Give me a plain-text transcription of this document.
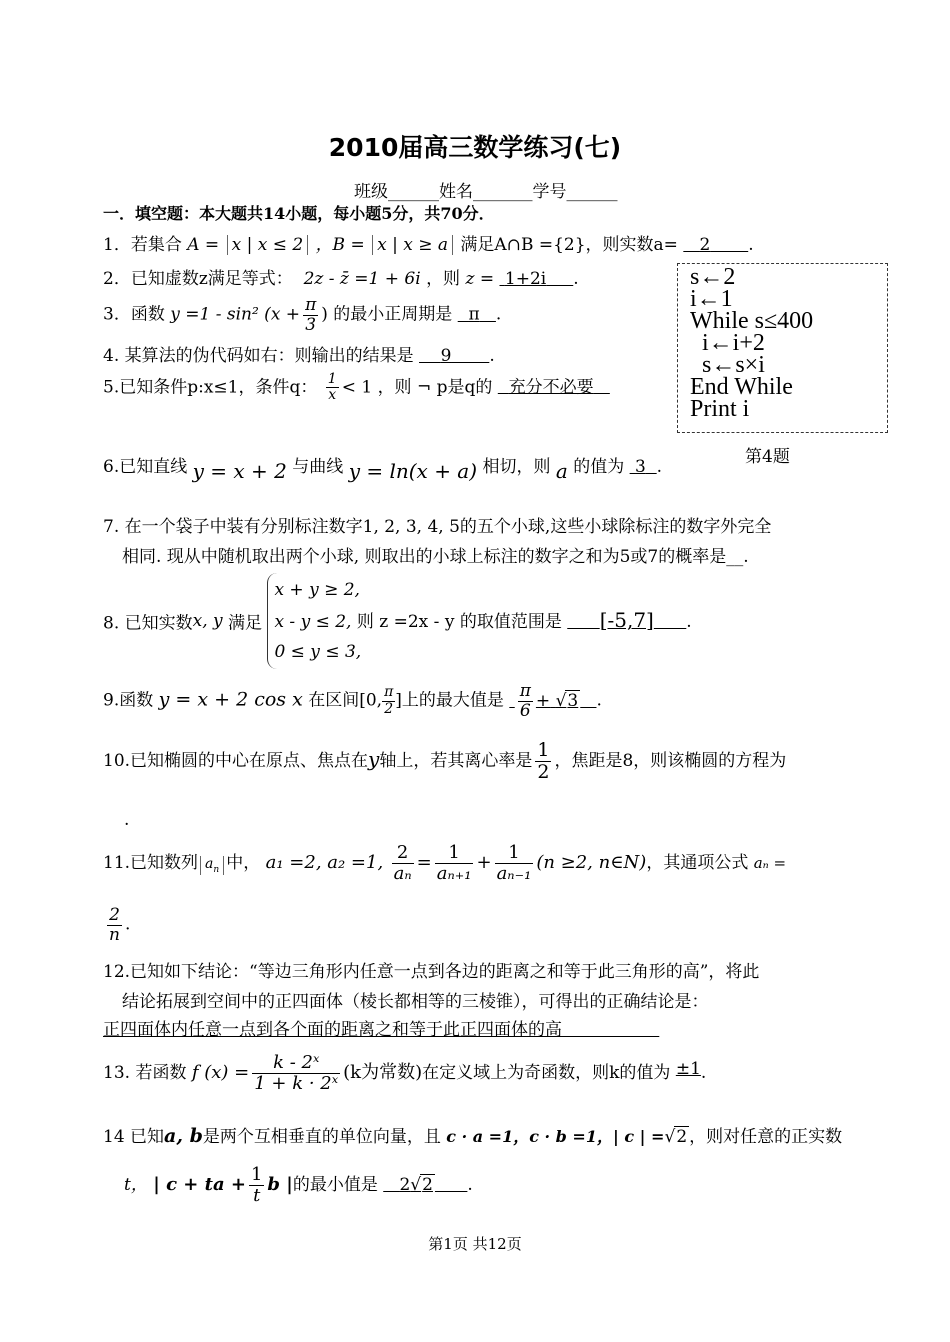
2010届高三数学练习(七)
班级______姓名_______学号______
一．填空题：本大题共14小题，每小题5分，共70分．
1．若集合 A = x | x ≤ 2 ，B = x | x ≥ a 满足A∩B ={2}，则实数a= 2 .
2．已知虚数z满足等式： 2z - z̄ =1 + 6i ，则 z = 1+2i .
3．函数 y =1 - sin² ($x + \frac{\pi}{3}$ ) 的最小正周期是 π .
4. 某算法的伪代码如右：则输出的结果是 9 .
s←2
i←1
While s≤400
i←i+2
s←s×i
End While
Print i
第4题
5.已知条件p:x≤1，条件q： $\frac{1}{x} < 1$ ，则 ¬ p是q的 充分不必要
6.已知直线 y = x + 2 与曲线 y = ln(x + a) 相切，则 a 的值为 3 .
7. 在一个袋子中装有分别标注数字1, 2, 3, 4, 5的五个小球,这些小球除标注的数字外完全
相同. 现从中随机取出两个小球, 则取出的小球上标注的数字之和为5或7的概率是__.
8. 已知实数x, y 满足
x + y ≥ 2,
x - y ≤ 2, 则 z =2x - y 的取值范围是 [-5,7] .
0 ≤ y ≤ 3,
9.函数 y = x + 2 cos x 在区间[0, $\frac{\pi}{2}$ ]上的最大值是 $\frac{\pi}{6} + √3$ .
10.已知椭圆的中心在原点、焦点在y轴上，若其离心率是 $\frac{1}{2}$ ，焦距是8，则该椭圆的方程为
.
11.已知数列 $a_n$ 中， a₁ =2, a₂ =1, $\frac{2}{\text{aₙ}} = \frac{1}{\text{aₙ₊₁}} + \frac{1}{\text{aₙ₋₁}} (n \ge 2$, n∈N)，其通项公式 aₙ =
$\frac{2}{n}$ .
12.已知如下结论：“等边三角形内任意一点到各边的距离之和等于此三角形的高”，将此
结论拓展到空间中的正四面体（棱长都相等的三棱锥），可得出的正确结论是：
正四面体内任意一点到各个面的距离之和等于此正四面体的高
13. 若函数 f $(x) = \frac{\text{k - 2ˣ}}{\text{1 + k · 2ˣ}} (k$为常数)在定义域上为奇函数，则k的值为 ±1.
14 已知a, b是两个互相垂直的单位向量，且 c · a =1，c · b =1，| c | =√2 ，则对任意的正实数
t， | c + ta + $\frac{1}{t}$ b |的最小值是 2√2 .
第1页 共12页
